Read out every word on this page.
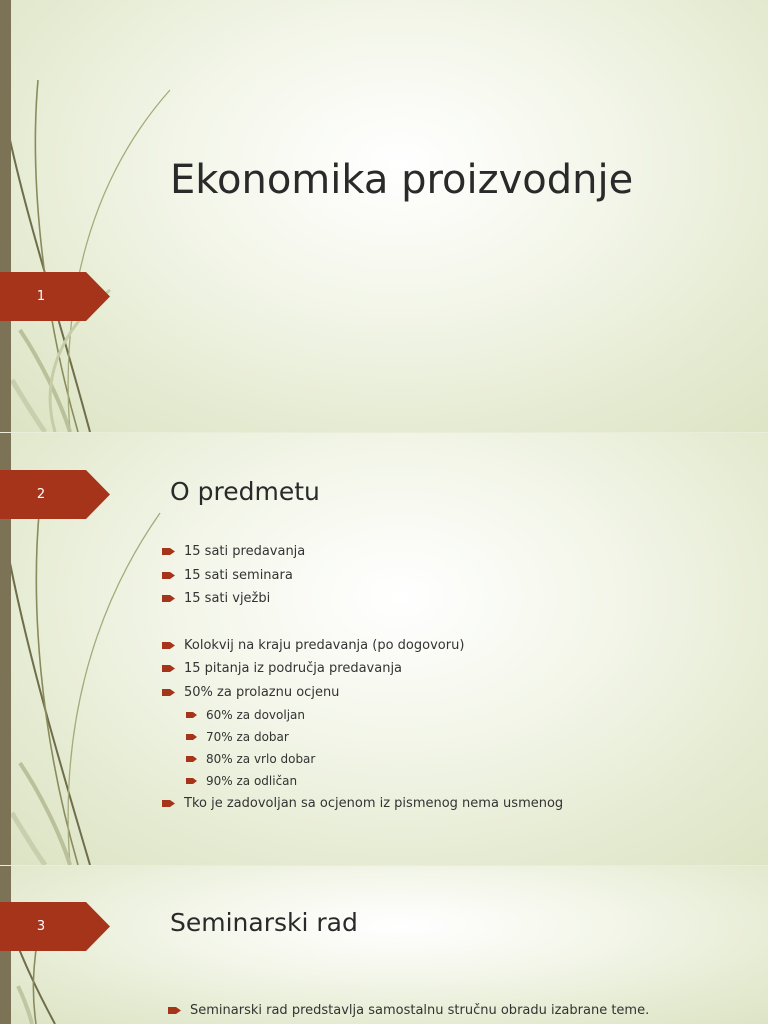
1
Ekonomika proizvodnje
2	O predmetu
15 sati predavanja
15 sati seminara
15 sati vježbi
Kolokvij na kraju predavanja (po dogovoru)
15 pitanja iz područja predavanja
50% za prolaznu ocjenu
60% za dovoljan
70% za dobar
80% za vrlo dobar
90% za odličan
Tko je zadovoljan sa ocjenom iz pismenog nema usmenog
3	Seminarski rad
Seminarski rad predstavlja samostalnu stručnu obradu izabrane teme.
